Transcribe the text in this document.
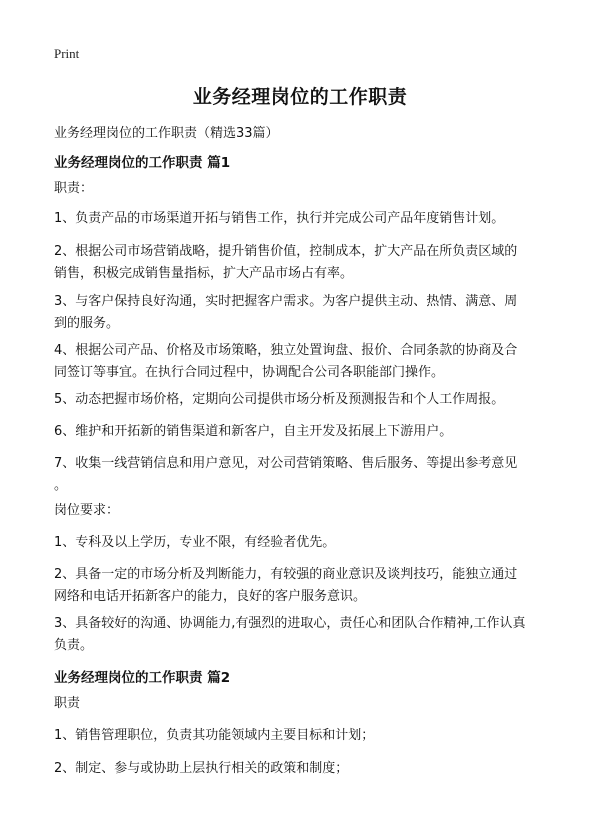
Print
业务经理岗位的工作职责

业务经理岗位的工作职责（精选33篇）

业务经理岗位的工作职责 篇1

职责：

1、负责产品的市场渠道开拓与销售工作，执行并完成公司产品年度销售计划。

2、根据公司市场营销战略，提升销售价值，控制成本，扩大产品在所负责区域的
销售，积极完成销售量指标，扩大产品市场占有率。

3、与客户保持良好沟通，实时把握客户需求。为客户提供主动、热情、满意、周
到的服务。

4、根据公司产品、价格及市场策略，独立处置询盘、报价、合同条款的协商及合
同签订等事宜。在执行合同过程中，协调配合公司各职能部门操作。

5、动态把握市场价格，定期向公司提供市场分析及预测报告和个人工作周报。

6、维护和开拓新的销售渠道和新客户，自主开发及拓展上下游用户。

7、收集一线营销信息和用户意见，对公司营销策略、售后服务、等提出参考意见
。

岗位要求：

1、专科及以上学历，专业不限，有经验者优先。

2、具备一定的市场分析及判断能力，有较强的商业意识及谈判技巧，能独立通过
网络和电话开拓新客户的能力，良好的客户服务意识。

3、具备较好的沟通、协调能力,有强烈的进取心，责任心和团队合作精神,工作认真
负责。

业务经理岗位的工作职责 篇2

职责

1、销售管理职位，负责其功能领域内主要目标和计划；

2、制定、参与或协助上层执行相关的政策和制度；
